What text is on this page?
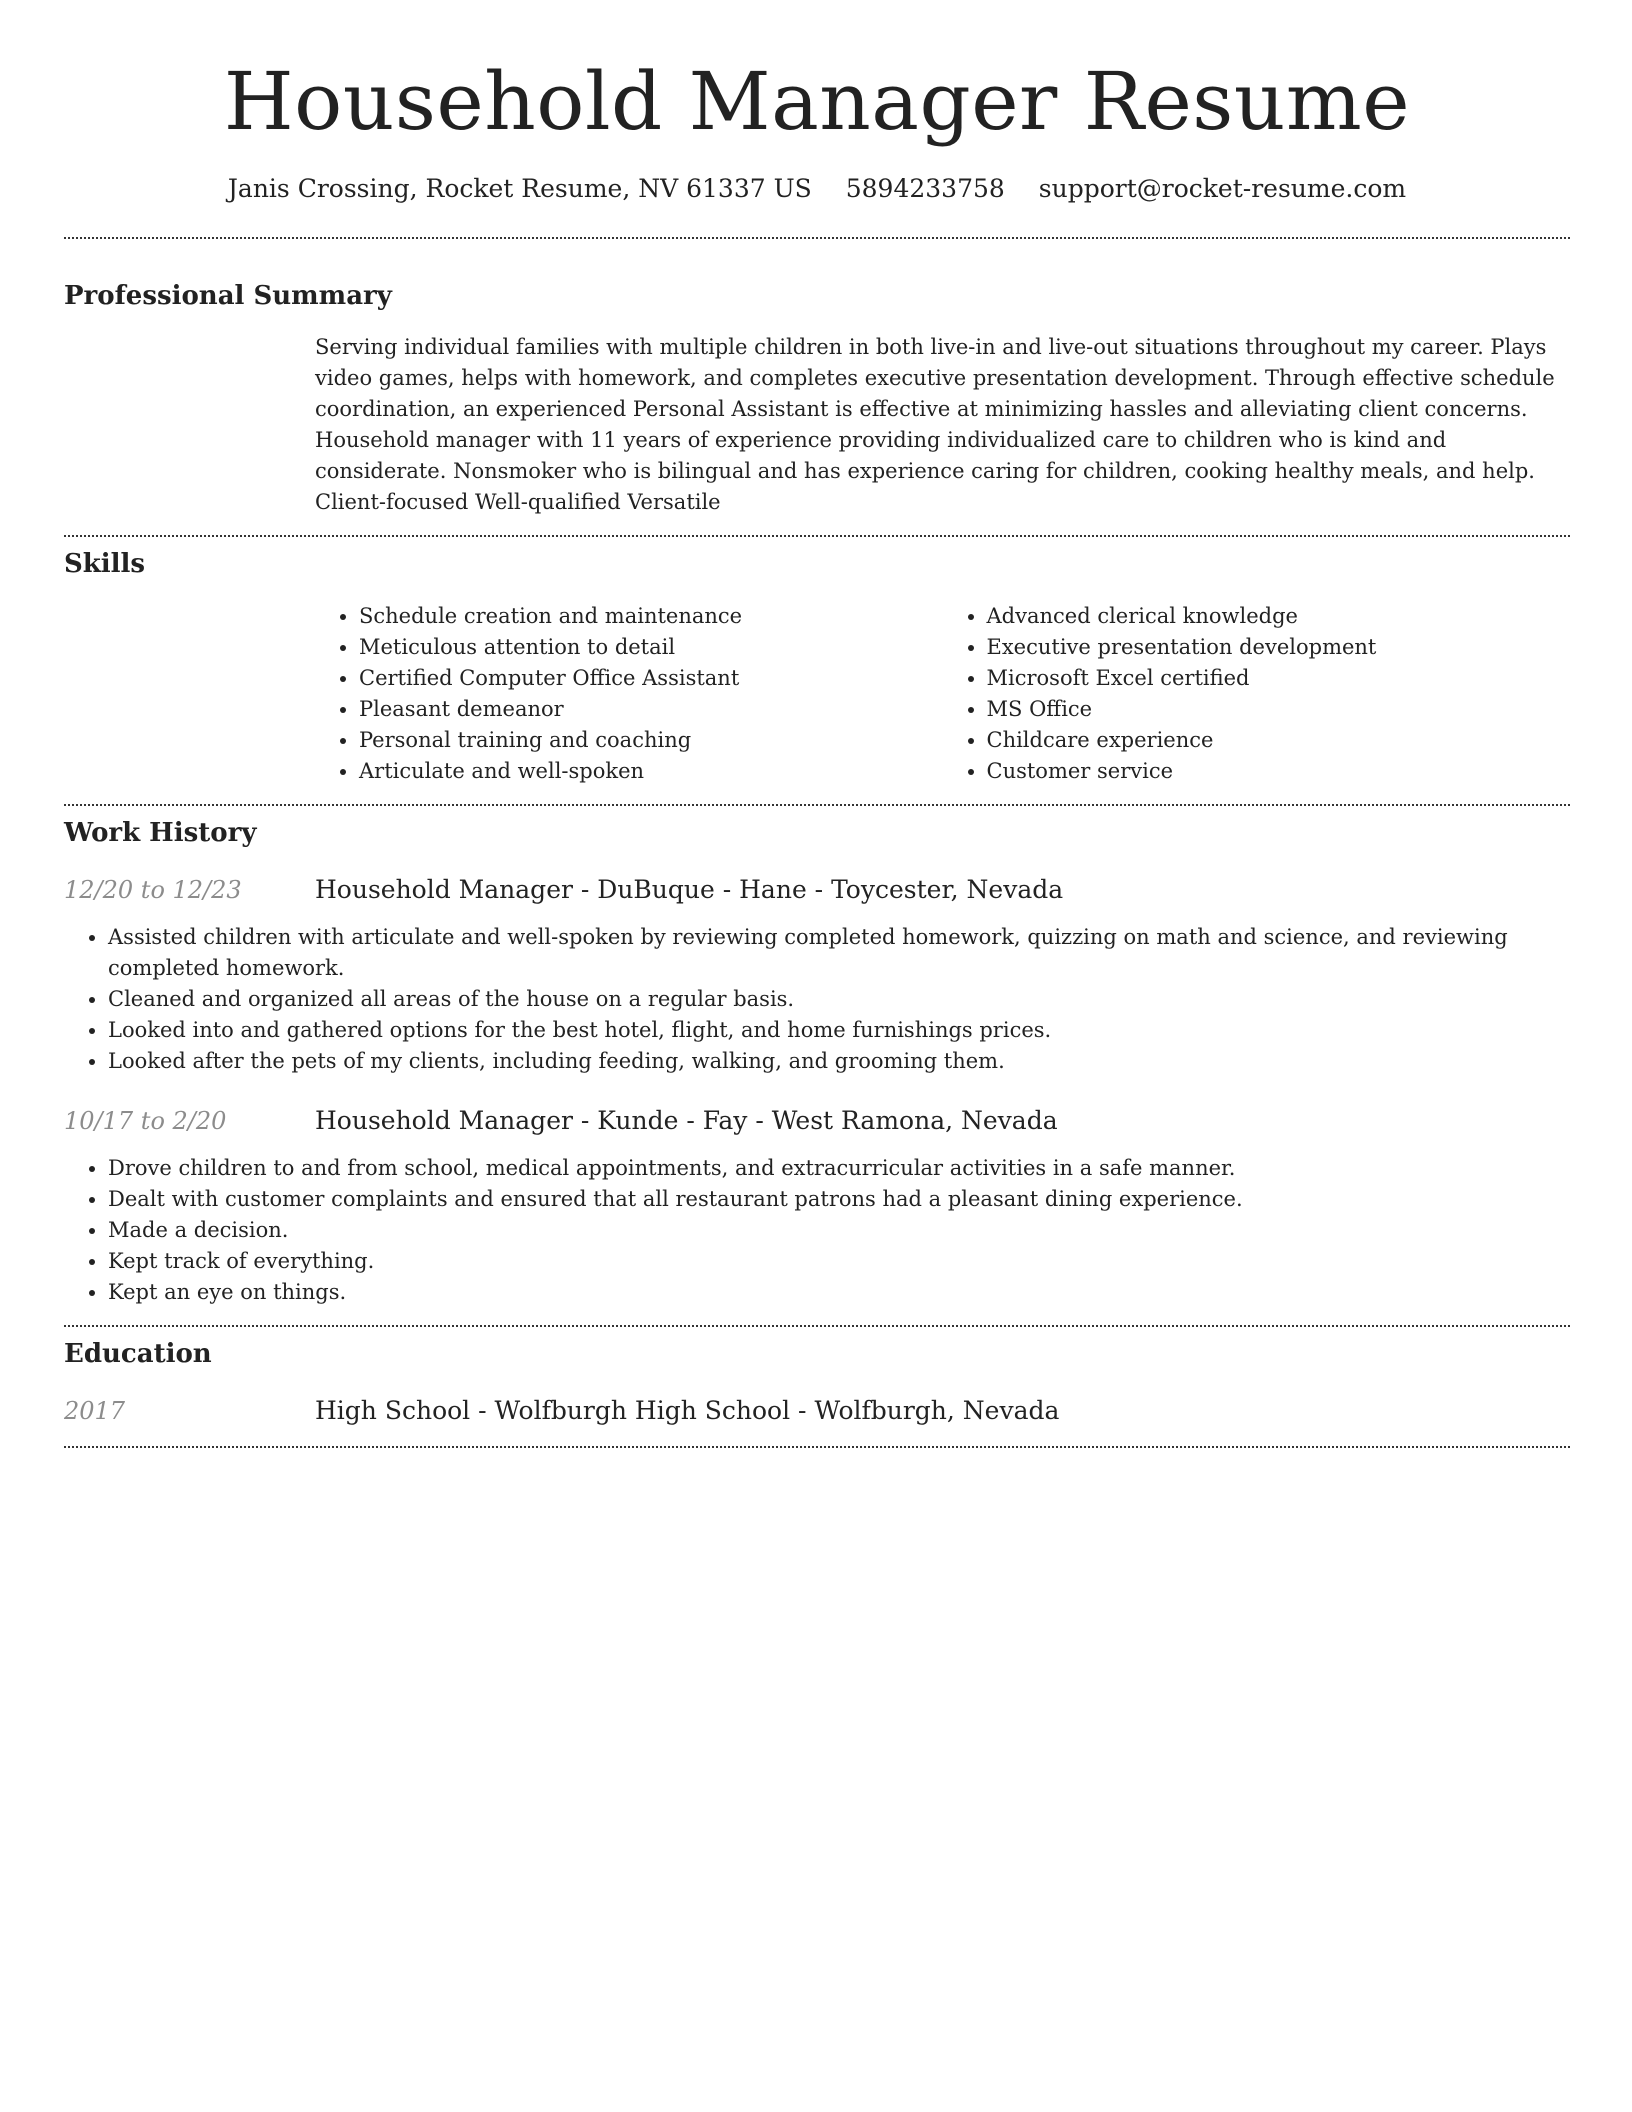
Household Manager Resume
Janis Crossing, Rocket Resume, NV 61337 US 5894233758 support@rocket-resume.com
Professional Summary

Serving individual families with multiple children in both live-in and live-out situations throughout my career. Plays video games, helps with homework, and completes executive presentation development. Through effective schedule coordination, an experienced Personal Assistant is effective at minimizing hassles and alleviating client concerns. Household manager with 11 years of experience providing individualized care to children who is kind and considerate. Nonsmoker who is bilingual and has experience caring for children, cooking healthy meals, and help. Client-focused Well-qualified Versatile

Skills
• Schedule creation and maintenance
• Meticulous attention to detail
• Certified Computer Office Assistant
• Pleasant demeanor
• Personal training and coaching
• Articulate and well-spoken
• Advanced clerical knowledge
• Executive presentation development
• Microsoft Excel certified
• MS Office
• Childcare experience
• Customer service
Work History
12/20 to 12/23	Household Manager - DuBuque - Hane - Toycester, Nevada
• Assisted children with articulate and well-spoken by reviewing completed homework, quizzing on math and science, and reviewing completed homework.
• Cleaned and organized all areas of the house on a regular basis.
• Looked into and gathered options for the best hotel, flight, and home furnishings prices.
• Looked after the pets of my clients, including feeding, walking, and grooming them.
10/17 to 2/20	Household Manager - Kunde - Fay - West Ramona, Nevada
• Drove children to and from school, medical appointments, and extracurricular activities in a safe manner.
• Dealt with customer complaints and ensured that all restaurant patrons had a pleasant dining experience.
• Made a decision.
• Kept track of everything.
• Kept an eye on things.
Education
2017	High School - Wolfburgh High School - Wolfburgh, Nevada
